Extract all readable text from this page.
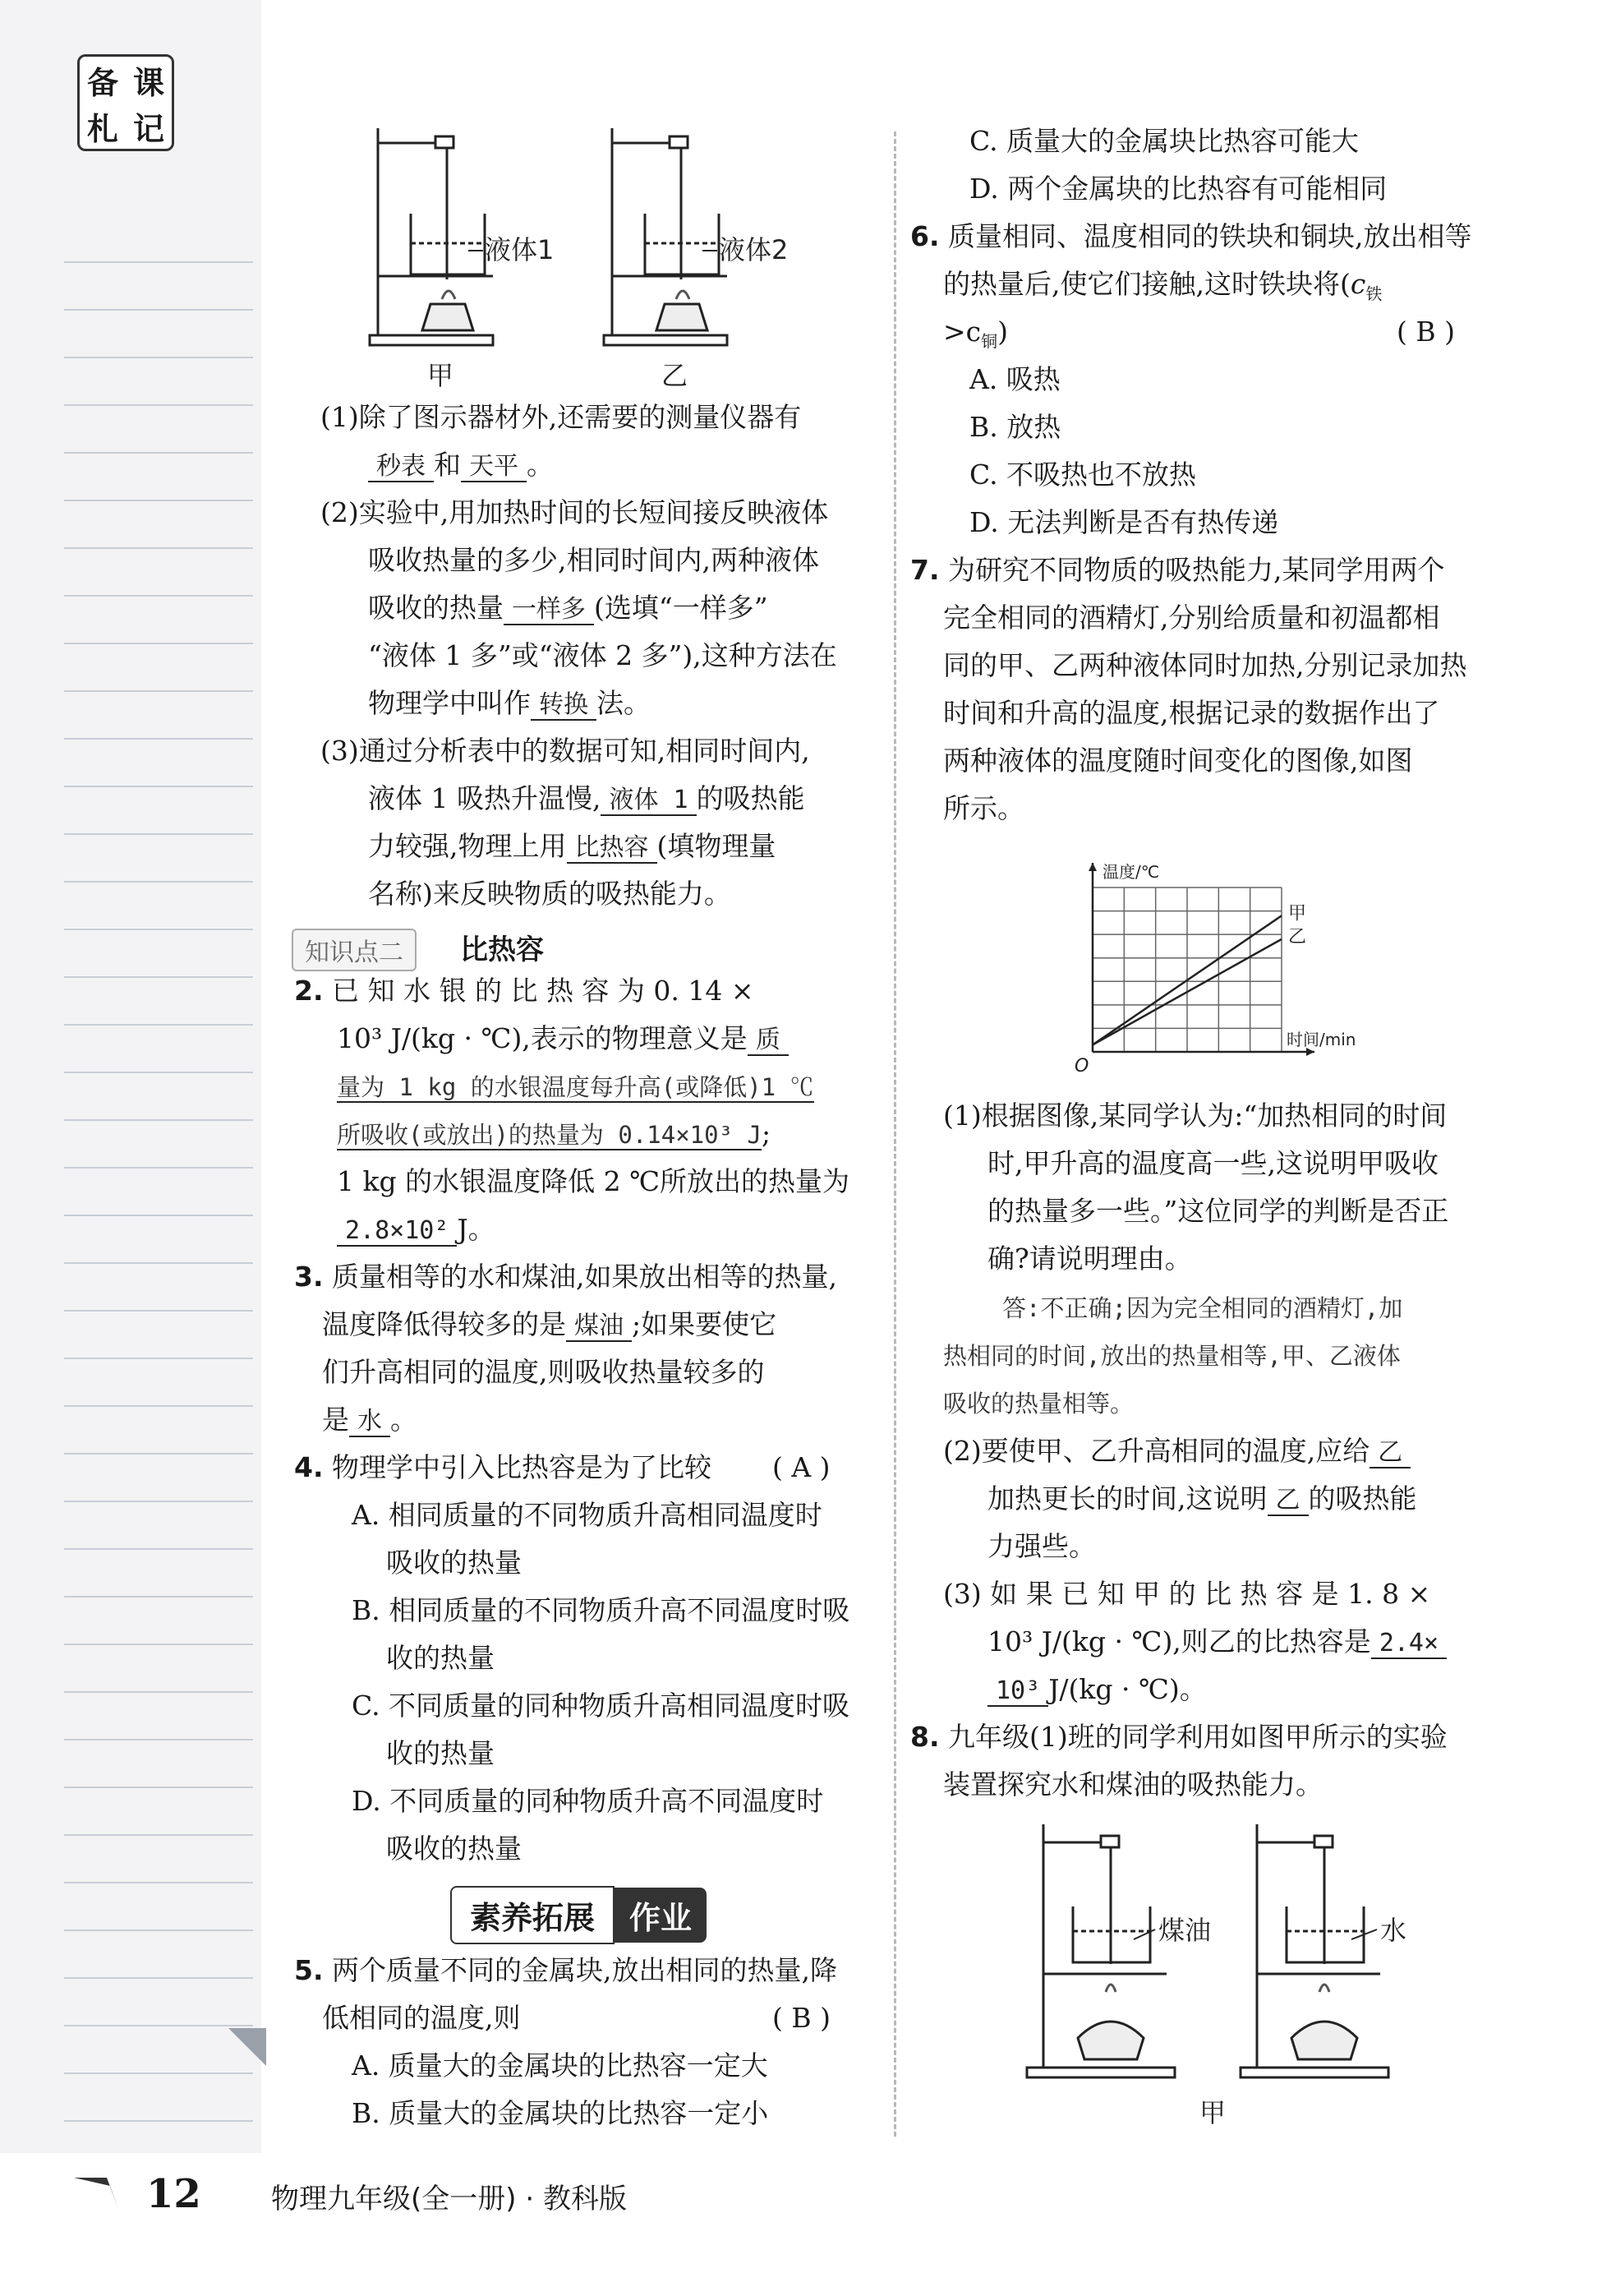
备 课
札 记
液体1
甲
液体2
乙
(1)除了图示器材外,还需要的测量仪器有
秒表 和 天平 。
(2)实验中,用加热时间的长短间接反映液体
吸收热量的多少,相同时间内,两种液体
吸收的热量 一样多 (选填“一样多”
“液体 1 多”或“液体 2 多”),这种方法在
物理学中叫作 转换 法。
(3)通过分析表中的数据可知,相同时间内,
液体 1 吸热升温慢, 液体 1 的吸热能
力较强,物理上用 比热容 (填物理量
名称)来反映物质的吸热能力。
知识点二	比热容
2. 已 知 水 银 的 比 热 容 为 0. 14 ×
10³ J/(kg · ℃),表示的物理意义是 质
量为 1 kg 的水银温度每升高(或降低)1 ℃
所吸收(或放出)的热量为 0.14×10³ J;
1 kg 的水银温度降低 2 ℃所放出的热量为
2.8×10² J。
3. 质量相等的水和煤油,如果放出相等的热量,
温度降低得较多的是 煤油 ;如果要使它
们升高相同的温度,则吸收热量较多的
是 水 。
4. 物理学中引入比热容是为了比较 ( A )
A. 相同质量的不同物质升高相同温度时
吸收的热量
B. 相同质量的不同物质升高不同温度时吸
收的热量
C. 不同质量的同种物质升高相同温度时吸
收的热量
D. 不同质量的同种物质升高不同温度时
吸收的热量
素养拓展	作业
5. 两个质量不同的金属块,放出相同的热量,降
低相同的温度,则	( B )
A. 质量大的金属块的比热容一定大
B. 质量大的金属块的比热容一定小
C. 质量大的金属块比热容可能大
D. 两个金属块的比热容有可能相同
6. 质量相同、温度相同的铁块和铜块,放出相等
的热量后,使它们接触,这时铁块将($c_铁$
$>c_铜$)	( B )
A. 吸热
B. 放热
C. 不吸热也不放热
D. 无法判断是否有热传递
7. 为研究不同物质的吸热能力,某同学用两个
完全相同的酒精灯,分别给质量和初温都相
同的甲、乙两种液体同时加热,分别记录加热
时间和升高的温度,根据记录的数据作出了
两种液体的温度随时间变化的图像,如图
所示。
温度/℃
时间/min
O
甲
乙
(1)根据图像,某同学认为:“加热相同的时间
时,甲升高的温度高一些,这说明甲吸收
的热量多一些。”这位同学的判断是否正
确?请说明理由。
答:不正确;因为完全相同的酒精灯,加
热相同的时间,放出的热量相等,甲、乙液体
吸收的热量相等。
(2)要使甲、乙升高相同的温度,应给 乙
加热更长的时间,这说明 乙 的吸热能
力强些。
(3) 如 果 已 知 甲 的 比 热 容 是 1. 8 ×
10³ J/(kg · ℃),则乙的比热容是 2.4×
10³ J/(kg · ℃)。
8. 九年级(1)班的同学利用如图甲所示的实验
装置探究水和煤油的吸热能力。
煤油	水
甲
12	物理九年级(全一册) · 教科版
